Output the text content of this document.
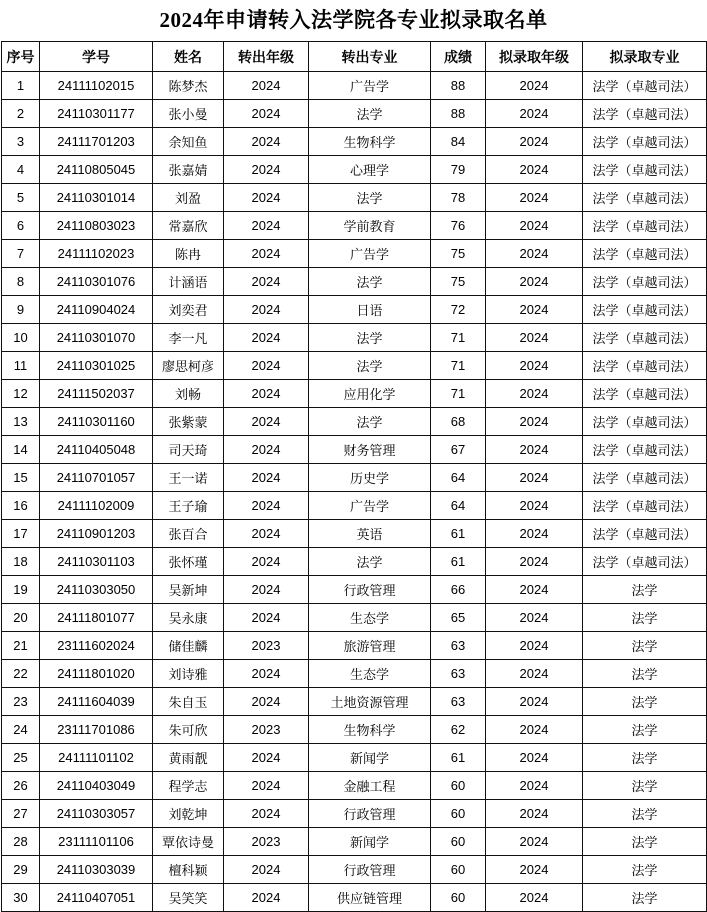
2024年申请转入法学院各专业拟录取名单
序号	学号	姓名	转出年级	转出专业	成绩	拟录取年级	拟录取专业
1	24111102015	陈梦杰	2024	广告学	88	2024	法学（卓越司法）
2	24110301177	张小曼	2024	法学	88	2024	法学（卓越司法）
3	24111701203	余知鱼	2024	生物科学	84	2024	法学（卓越司法）
4	24110805045	张嘉婧	2024	心理学	79	2024	法学（卓越司法）
5	24110301014	刘盈	2024	法学	78	2024	法学（卓越司法）
6	24110803023	常嘉欣	2024	学前教育	76	2024	法学（卓越司法）
7	24111102023	陈冉	2024	广告学	75	2024	法学（卓越司法）
8	24110301076	计涵语	2024	法学	75	2024	法学（卓越司法）
9	24110904024	刘奕君	2024	日语	72	2024	法学（卓越司法）
10	24110301070	李一凡	2024	法学	71	2024	法学（卓越司法）
11	24110301025	廖思柯彦	2024	法学	71	2024	法学（卓越司法）
12	24111502037	刘畅	2024	应用化学	71	2024	法学（卓越司法）
13	24110301160	张紫蒙	2024	法学	68	2024	法学（卓越司法）
14	24110405048	司天琦	2024	财务管理	67	2024	法学（卓越司法）
15	24110701057	王一诺	2024	历史学	64	2024	法学（卓越司法）
16	24111102009	王子瑜	2024	广告学	64	2024	法学（卓越司法）
17	24110901203	张百合	2024	英语	61	2024	法学（卓越司法）
18	24110301103	张怀瑾	2024	法学	61	2024	法学（卓越司法）
19	24110303050	吴新坤	2024	行政管理	66	2024	法学
20	24111801077	吴永康	2024	生态学	65	2024	法学
21	23111602024	储佳麟	2023	旅游管理	63	2024	法学
22	24111801020	刘诗雅	2024	生态学	63	2024	法学
23	24111604039	朱自玉	2024	土地资源管理	63	2024	法学
24	23111701086	朱可欣	2023	生物科学	62	2024	法学
25	24111101102	黄雨靓	2024	新闻学	61	2024	法学
26	24110403049	程学志	2024	金融工程	60	2024	法学
27	24110303057	刘乾坤	2024	行政管理	60	2024	法学
28	23111101106	覃依诗曼	2023	新闻学	60	2024	法学
29	24110303039	檀科颖	2024	行政管理	60	2024	法学
30	24110407051	吴笑笑	2024	供应链管理	60	2024	法学
